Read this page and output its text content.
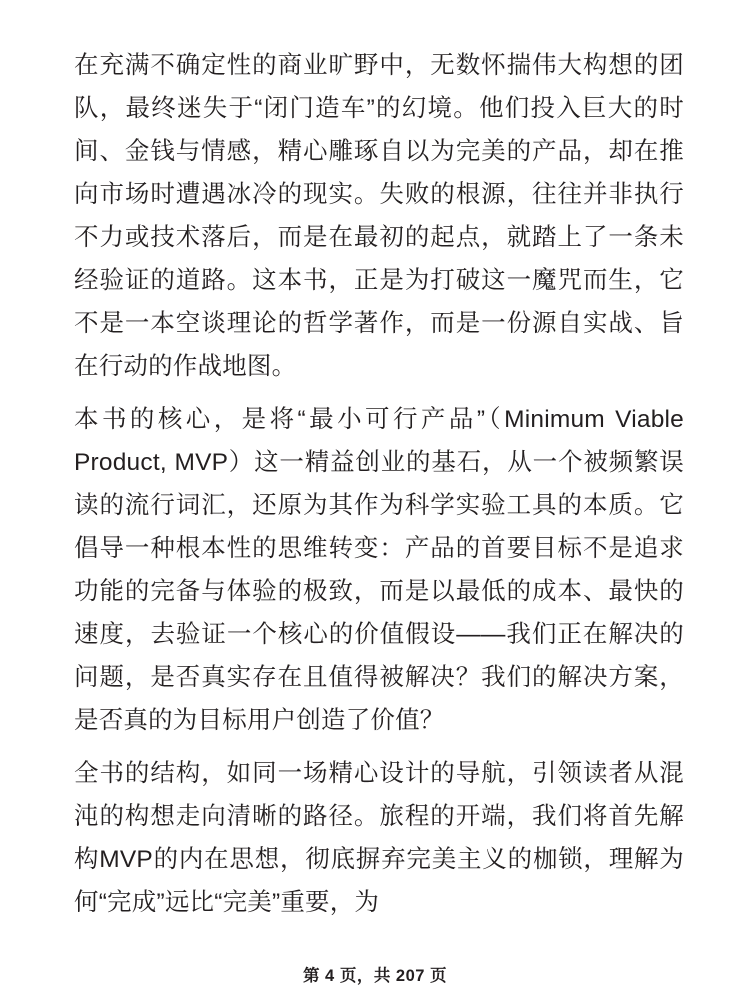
在充满不确定性的商业旷野中，无数怀揣伟大构想的团队，最终迷失于“闭门造车”的幻境。他们投入巨大的时间、金钱与情感，精心雕琢自以为完美的产品，却在推向市场时遭遇冰冷的现实。失败的根源，往往并非执行不力或技术落后，而是在最初的起点，就踏上了一条未经验证的道路。这本书，正是为打破这一魔咒而生，它不是一本空谈理论的哲学著作，而是一份源自实战、旨在行动的作战地图。

本书的核心，是将“最小可行产品”（Minimum Viable Product, MVP）这一精益创业的基石，从一个被频繁误读的流行词汇，还原为其作为科学实验工具的本质。它倡导一种根本性的思维转变：产品的首要目标不是追求功能的完备与体验的极致，而是以最低的成本、最快的速度，去验证一个核心的价值假设——我们正在解决的问题，是否真实存在且值得被解决？我们的解决方案，是否真的为目标用户创造了价值？

全书的结构，如同一场精心设计的导航，引领读者从混沌的构想走向清晰的路径。旅程的开端，我们将首先解构MVP的内在思想，彻底摒弃完美主义的枷锁，理解为何“完成”远比“完美”重要，为

第 4 页，共 207 页
